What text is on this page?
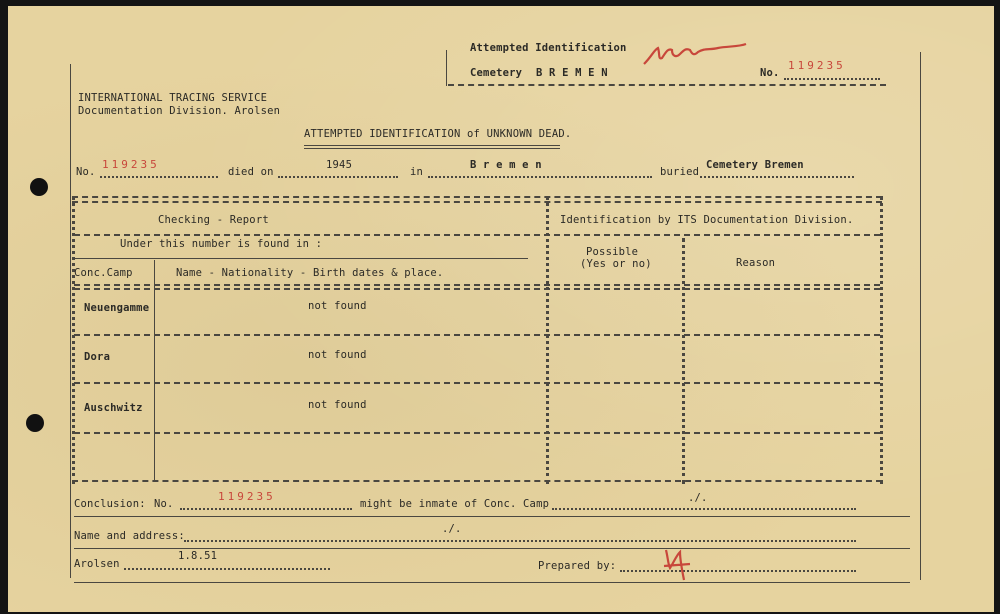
Attempted Identification
Cemetery B R E M E N	No.
119235
INTERNATIONAL TRACING SERVICE
Documentation Division. Arolsen
ATTEMPTED IDENTIFICATION of UNKNOWN DEAD.
No.
119235
died on
1945
in
B r e m e n
buried
Cemetery Bremen
Checking - Report	Identification by ITS Documentation Division.
Under this number is found in :
Possible
(Yes or no)	Reason
Conc.Camp	Name - Nationality - Birth dates & place.
Neuengamme	not found
Dora	not found
Auschwitz	not found
Conclusion: No.
119235
might be inmate of Conc. Camp	./.
Name and address:
./.
Arolsen
1.8.51
Prepared by:
